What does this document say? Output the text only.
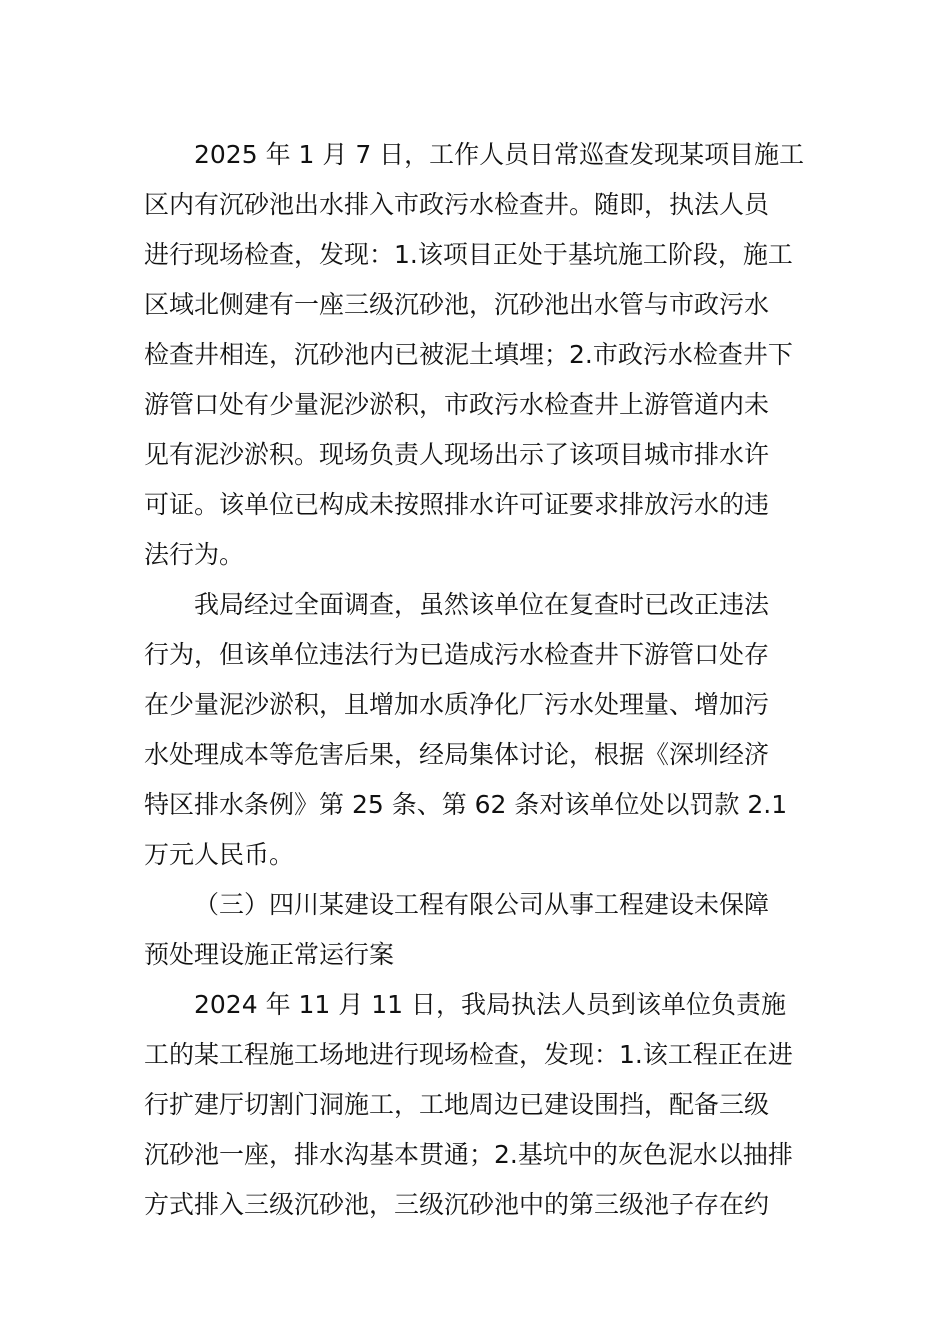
2025 年 1 月 7 日，工作人员日常巡查发现某项目施工
区内有沉砂池出水排入市政污水检查井。随即，执法人员
进行现场检查，发现：1.该项目正处于基坑施工阶段，施工
区域北侧建有一座三级沉砂池，沉砂池出水管与市政污水
检查井相连，沉砂池内已被泥土填埋；2.市政污水检查井下
游管口处有少量泥沙淤积，市政污水检查井上游管道内未
见有泥沙淤积。现场负责人现场出示了该项目城市排水许
可证。该单位已构成未按照排水许可证要求排放污水的违
法行为。
我局经过全面调查，虽然该单位在复查时已改正违法
行为，但该单位违法行为已造成污水检查井下游管口处存
在少量泥沙淤积，且增加水质净化厂污水处理量、增加污
水处理成本等危害后果，经局集体讨论，根据《深圳经济
特区排水条例》第 25 条、第 62 条对该单位处以罚款 2.1
万元人民币。
（三）四川某建设工程有限公司从事工程建设未保障
预处理设施正常运行案
2024 年 11 月 11 日，我局执法人员到该单位负责施
工的某工程施工场地进行现场检查，发现：1.该工程正在进
行扩建厅切割门洞施工，工地周边已建设围挡，配备三级
沉砂池一座，排水沟基本贯通；2.基坑中的灰色泥水以抽排
方式排入三级沉砂池，三级沉砂池中的第三级池子存在约
